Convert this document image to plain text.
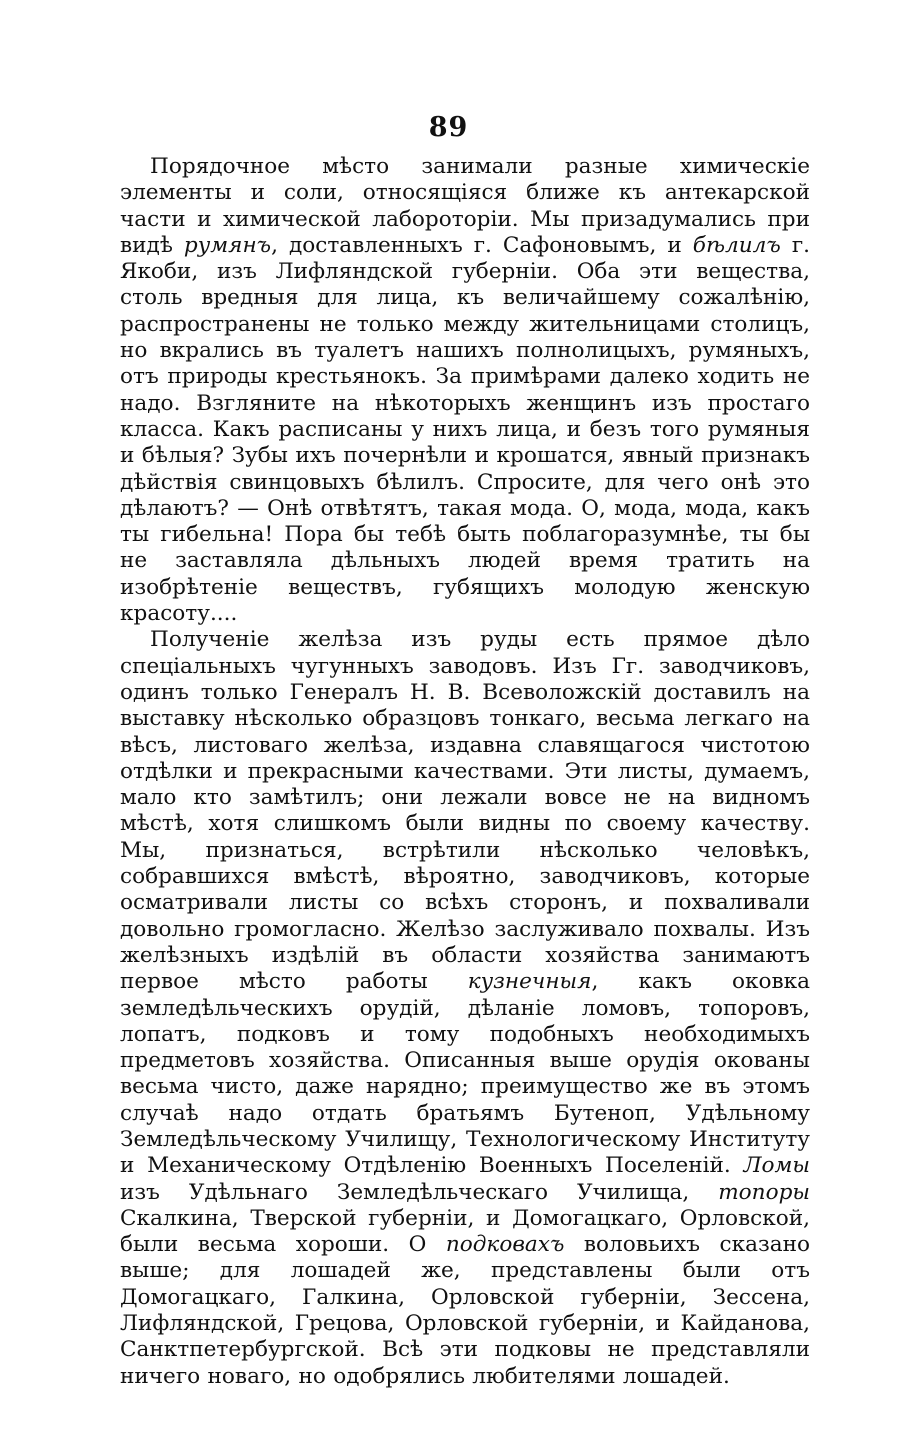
89

Порядочное мѣсто занимали разные химическіе элементы и соли, относящіяся ближе къ антекарской части и химической лабороторіи. Мы призадумались при видѣ румянъ, доставленныхъ г. Сафоновымъ, и бѣлилъ г. Якоби, изъ Лифляндской губерніи. Оба эти вещества, столь вредныя для лица, къ величайшему сожалѣнію, распространены не только между жительницами столицъ, но вкрались въ туалетъ нашихъ полнолицыхъ, румяныхъ, отъ природы крестьянокъ. За примѣрами далеко ходить не надо. Взгляните на нѣкоторыхъ женщинъ изъ простаго класса. Какъ расписаны у нихъ лица, и безъ того румяныя и бѣлыя? Зубы ихъ почернѣли и крошатся, явный признакъ дѣйствія свинцовыхъ бѣлилъ. Спросите, для чего онѣ это дѣлаютъ? — Онѣ отвѣтятъ, такая мода. О, мода, мода, какъ ты гибельна! Пора бы тебѣ быть поблагоразумнѣе, ты бы не заставляла дѣльныхъ людей время тратить на изобрѣтеніе веществъ, губящихъ молодую женскую красоту....

Полученіе желѣза изъ руды есть прямое дѣло спеціальныхъ чугунныхъ заводовъ. Изъ Гг. заводчиковъ, одинъ только Генералъ Н. В. Всеволожскій доставилъ на выставку нѣсколько образцовъ тонкаго, весьма легкаго на вѣсъ, листоваго желѣза, издавна славящагося чистотою отдѣлки и прекрасными качествами. Эти листы, думаемъ, мало кто замѣтилъ; они лежали вовсе не на видномъ мѣстѣ, хотя слишкомъ были видны по своему качеству. Мы, признаться, встрѣтили нѣсколько человѣкъ, собравшихся вмѣстѣ, вѣроятно, заводчиковъ, которые осматривали листы со всѣхъ сторонъ, и похваливали довольно громогласно. Желѣзо заслуживало похвалы. Изъ желѣзныхъ издѣлій въ области хозяйства занимаютъ первое мѣсто работы кузнечныя, какъ оковка земледѣльческихъ орудій, дѣланіе ломовъ, топоровъ, лопатъ, подковъ и тому подобныхъ необходимыхъ предметовъ хозяйства. Описанныя выше орудія окованы весьма чисто, даже нарядно; преимущество же въ этомъ случаѣ надо отдать братьямъ Бутеноп, Удѣльному Земледѣльческому Училищу, Технологическому Институту и Механическому Отдѣленію Военныхъ Поселеній. Ломы изъ Удѣльнаго Земледѣльческаго Училища, топоры Скалкина, Тверской губерніи, и Домогацкаго, Орловской, были весьма хороши. О подковахъ воловьихъ сказано выше; для лошадей же, представлены были отъ Домогацкаго, Галкина, Орловской губерніи, Зессена, Лифляндской, Грецова, Орловской губерніи, и Кайданова, Санктпетербургской. Всѣ эти подковы не представляли ничего новаго, но одобрялись любителями лошадей.
